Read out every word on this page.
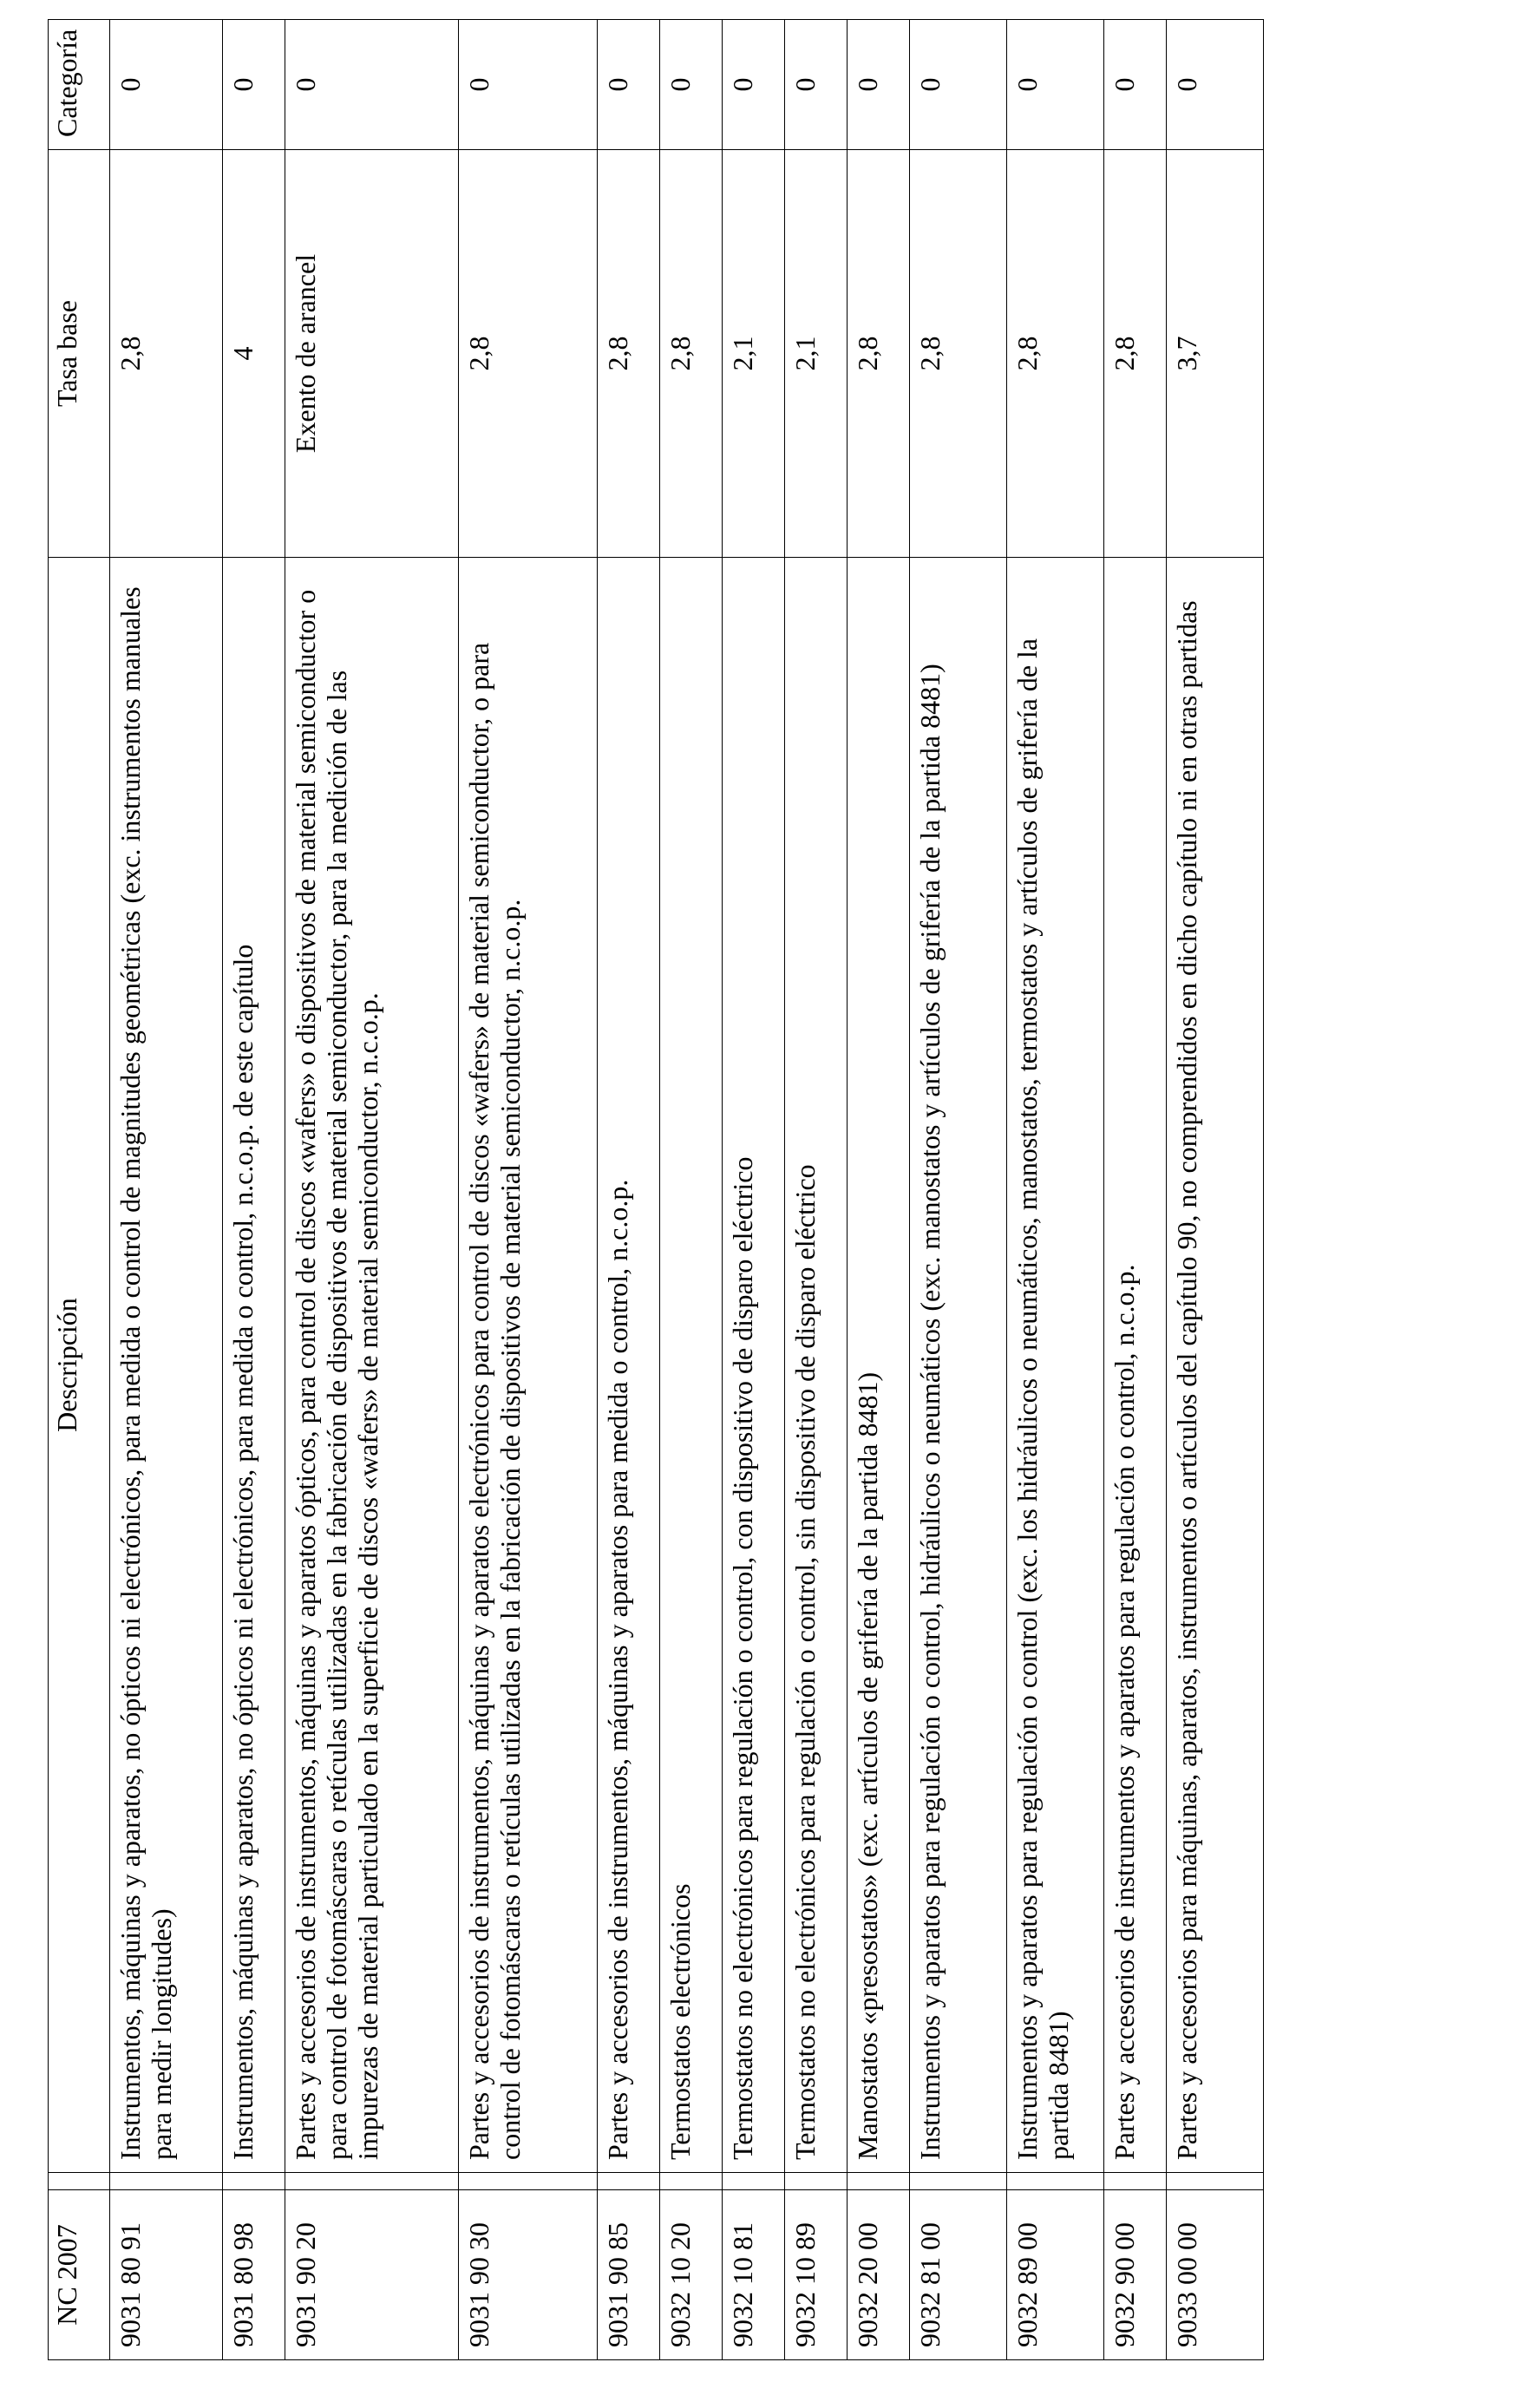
NC 2007		Descripción	Tasa base	Categoría
9031 80 91		Instrumentos, máquinas y aparatos, no ópticos ni electrónicos, para medida o control de magnitudes geométricas (exc. instrumentos manuales para medir longitudes)	2,8	0
9031 80 98		Instrumentos, máquinas y aparatos, no ópticos ni electrónicos, para medida o control, n.c.o.p. de este capítulo	4	0
9031 90 20		Partes y accesorios de instrumentos, máquinas y aparatos ópticos, para control de discos «wafers» o dispositivos de material semiconductor o para control de fotomáscaras o retículas utilizadas en la fabricación de dispositivos de material semiconductor, para la medición de las impurezas de material particulado en la superficie de discos «wafers» de material semiconductor, n.c.o.p.	Exento de arancel	0
9031 90 30		Partes y accesorios de instrumentos, máquinas y aparatos electrónicos para control de discos «wafers» de material semiconductor, o para control de fotomáscaras o retículas utilizadas en la fabricación de dispositivos de material semiconductor, n.c.o.p.	2,8	0
9031 90 85		Partes y accesorios de instrumentos, máquinas y aparatos para medida o control, n.c.o.p.	2,8	0
9032 10 20		Termostatos electrónicos	2,8	0
9032 10 81		Termostatos no electrónicos para regulación o control, con dispositivo de disparo eléctrico	2,1	0
9032 10 89		Termostatos no electrónicos para regulación o control, sin dispositivo de disparo eléctrico	2,1	0
9032 20 00		Manostatos «presostatos» (exc. artículos de grifería de la partida 8481)	2,8	0
9032 81 00		Instrumentos y aparatos para regulación o control, hidráulicos o neumáticos (exc. manostatos y artículos de grifería de la partida 8481)	2,8	0
9032 89 00		Instrumentos y aparatos para regulación o control (exc. los hidráulicos o neumáticos, manostatos, termostatos y artículos de grifería de la partida 8481)	2,8	0
9032 90 00		Partes y accesorios de instrumentos y aparatos para regulación o control, n.c.o.p.	2,8	0
9033 00 00		Partes y accesorios para máquinas, aparatos, instrumentos o artículos del capítulo 90, no comprendidos en dicho capítulo ni en otras partidas	3,7	0
